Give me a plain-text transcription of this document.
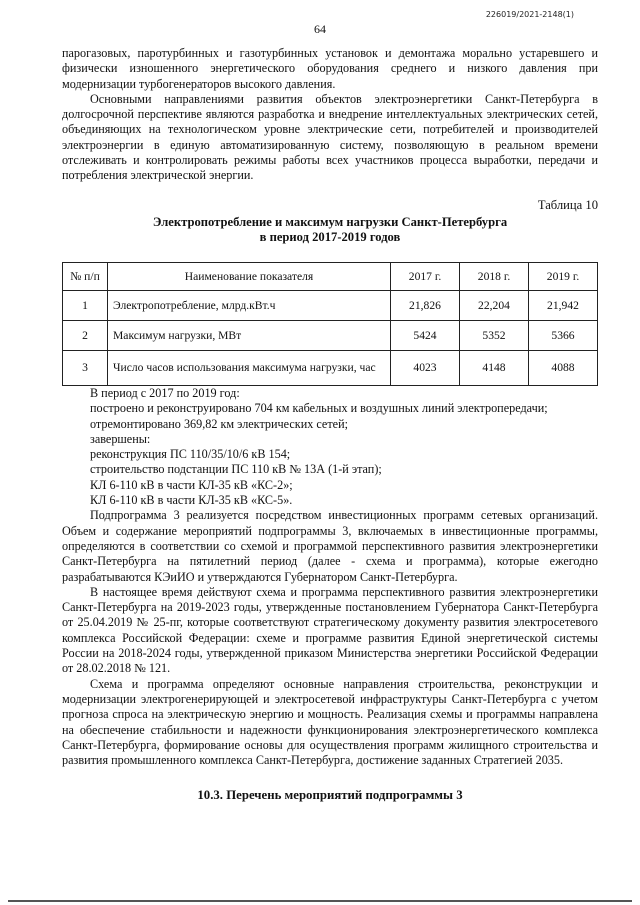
226019/2021-2148(1)
64

парогазовых, паротурбинных и газотурбинных установок и демонтажа морально устаревшего и физически изношенного энергетического оборудования среднего и низкого давления при модернизации турбогенераторов высокого давления.

Основными направлениями развития объектов электроэнергетики Санкт-Петербурга в долгосрочной перспективе являются разработка и внедрение интеллектуальных электрических сетей, объединяющих на технологическом уровне электрические сети, потребителей и производителей электроэнергии в единую автоматизированную систему, позволяющую в реальном времени отслеживать и контролировать режимы работы всех участников процесса выработки, передачи и потребления электрической энергии.

Таблица 10
Электропотребление и максимум нагрузки Санкт-Петербурга
в период 2017-2019 годов
№ п/п	Наименование показателя	2017 г.	2018 г.	2019 г.
1	Электропотребление, млрд.кВт.ч	21,826	22,204	21,942
2	Максимум нагрузки, МВт	5424	5352	5366
3	Число часов использования максимума нагрузки, час	4023	4148	4088

В период с 2017 по 2019 год:

построено и реконструировано 704 км кабельных и воздушных линий электропередачи;

отремонтировано 369,82 км электрических сетей;

завершены:

реконструкция ПС 110/35/10/6 кВ 154;

строительство подстанции ПС 110 кВ № 13А (1-й этап);

КЛ 6-110 кВ в части КЛ-35 кВ «КС-2»;

КЛ 6-110 кВ в части КЛ-35 кВ «КС-5».

Подпрограмма 3 реализуется посредством инвестиционных программ сетевых организаций. Объем и содержание мероприятий подпрограммы 3, включаемых в инвестиционные программы, определяются в соответствии со схемой и программой перспективного развития электроэнергетики Санкт-Петербурга на пятилетний период (далее - схема и программа), которые ежегодно разрабатываются КЭиИО и утверждаются Губернатором Санкт-Петербурга.

В настоящее время действуют схема и программа перспективного развития электроэнергетики Санкт-Петербурга на 2019-2023 годы, утвержденные постановлением Губернатора Санкт-Петербурга от 25.04.2019 № 25-пг, которые соответствуют стратегическому документу развития электросетевого комплекса Российской Федерации: схеме и программе развития Единой энергетической системы России на 2018-2024 годы, утвержденной приказом Министерства энергетики Российской Федерации от 28.02.2018 № 121.

Схема и программа определяют основные направления строительства, реконструкции и модернизации электрогенерирующей и электросетевой инфраструктуры Санкт-Петербурга с учетом прогноза спроса на электрическую энергию и мощность. Реализация схемы и программы направлена на обеспечение стабильности и надежности функционирования электроэнергетического комплекса Санкт-Петербурга, формирование основы для осуществления программ жилищного строительства и развития промышленного комплекса Санкт-Петербурга, достижение заданных Стратегией 2035.

10.3. Перечень мероприятий подпрограммы 3
